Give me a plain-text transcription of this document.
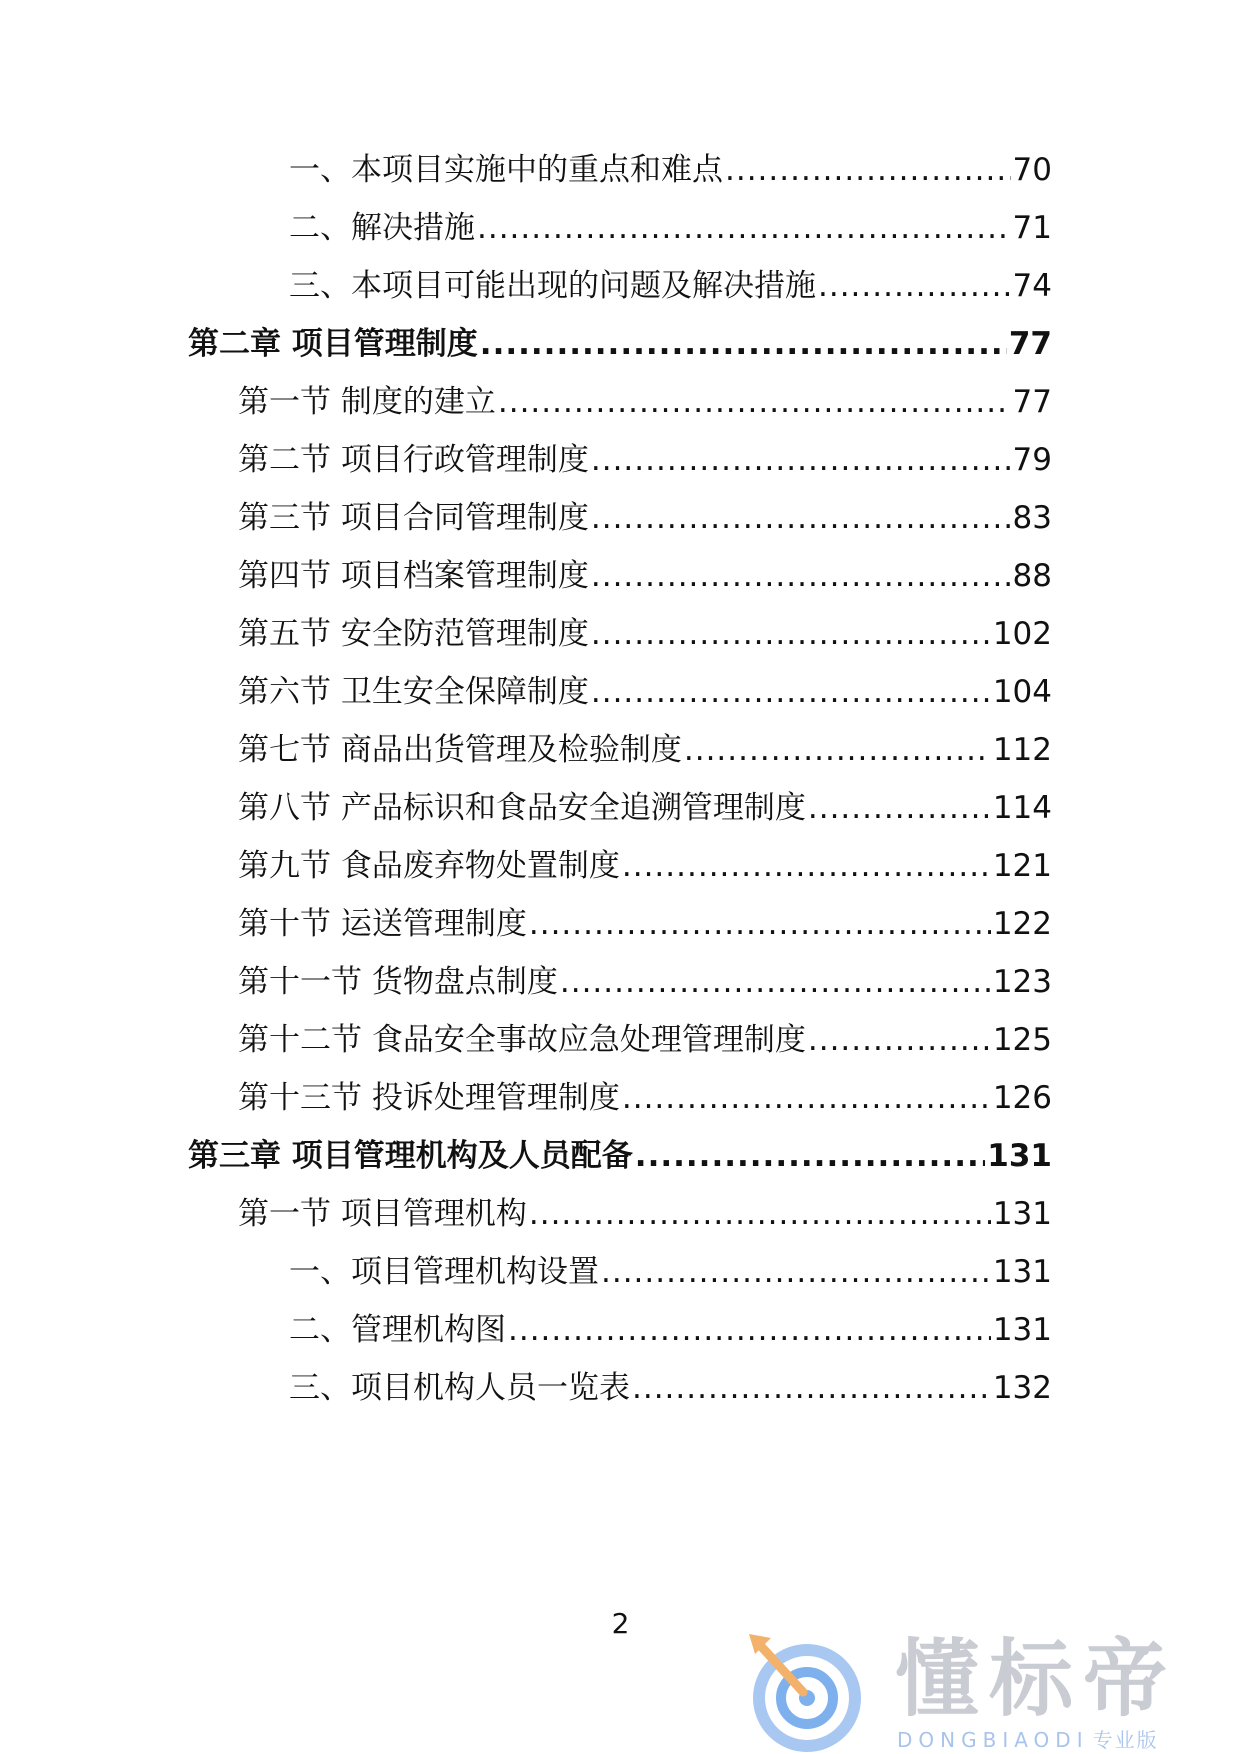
一、本项目实施中的重点和难点 .....	70
二、解决措施 .....	71
三、本项目可能出现的问题及解决措施 .....	74
第二章 项目管理制度 .....	77
第一节 制度的建立 .....	77
第二节 项目行政管理制度 .....	79
第三节 项目合同管理制度 .....	83
第四节 项目档案管理制度 .....	88
第五节 安全防范管理制度 .....	102
第六节 卫生安全保障制度 .....	104
第七节 商品出货管理及检验制度 .....	112
第八节 产品标识和食品安全追溯管理制度 .....	114
第九节 食品废弃物处置制度 .....	121
第十节 运送管理制度 .....	122
第十一节 货物盘点制度 .....	123
第十二节 食品安全事故应急处理管理制度 .....	125
第十三节 投诉处理管理制度 .....	126
第三章 项目管理机构及人员配备 .....	131
第一节 项目管理机构 .....	131
一、项目管理机构设置 .....	131
二、管理机构图 .....	131
三、项目机构人员一览表 .....	132
2
懂标帝
DONGBIAODI 专业版
